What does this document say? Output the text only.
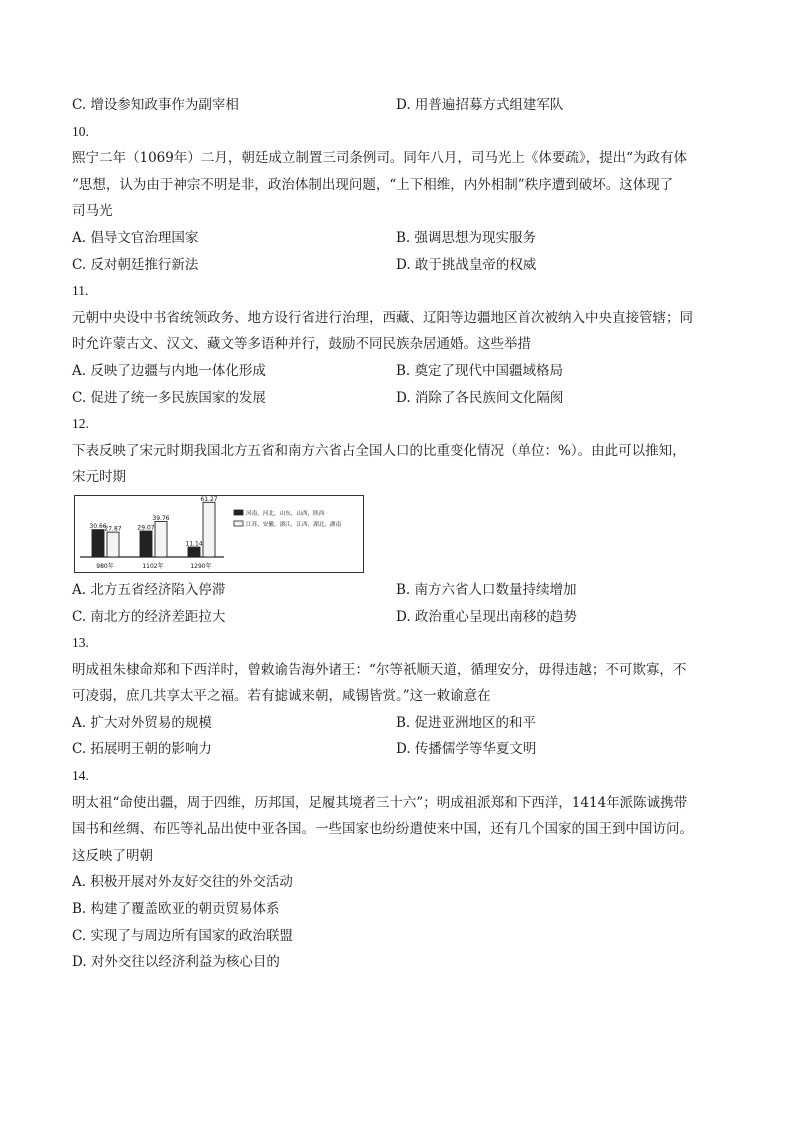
C. 增设参知政事作为副宰相	D. 用普遍招募方式组建军队
10.
熙宁二年（1069年）二月，朝廷成立制置三司条例司。同年八月，司马光上《体要疏》，提出“为政有体
”思想，认为由于神宗不明是非，政治体制出现问题，“上下相维，内外相制”秩序遭到破坏。这体现了
司马光
A. 倡导文官治理国家	B. 强调思想为现实服务
C. 反对朝廷推行新法	D. 敢于挑战皇帝的权威
11.
元朝中央设中书省统领政务、地方设行省进行治理，西藏、辽阳等边疆地区首次被纳入中央直接管辖；同
时允许蒙古文、汉文、藏文等多语种并行，鼓励不同民族杂居通婚。这些举措
A. 反映了边疆与内地一体化形成	B. 奠定了现代中国疆域格局
C. 促进了统一多民族国家的发展	D. 消除了各民族间文化隔阂
12.
下表反映了宋元时期我国北方五省和南方六省占全国人口的比重变化情况（单位：%）。由此可以推知，
宋元时期
30.66
27.87
980年
29.07
39.76
1102年
11.14
61.27
1290年
河南，河北，山东，山西，陕西
江苏，安徽，浙江，江西，湖北，湖南
A. 北方五省经济陷入停滞	B. 南方六省人口数量持续增加
C. 南北方的经济差距拉大	D. 政治重心呈现出南移的趋势
13.
明成祖朱棣命郑和下西洋时，曾敕谕告海外诸王：“尔等祇顺天道，循理安分，毋得违越；不可欺寡，不
可凌弱，庶几共享太平之福。若有摅诚来朝，咸锡皆赏。”这一敕谕意在
A. 扩大对外贸易的规模	B. 促进亚洲地区的和平
C. 拓展明王朝的影响力	D. 传播儒学等华夏文明
14.
明太祖“命使出疆，周于四维，历邦国，足履其境者三十六”；明成祖派郑和下西洋，1414年派陈诚携带
国书和丝绸、布匹等礼品出使中亚各国。一些国家也纷纷遣使来中国，还有几个国家的国王到中国访问。
这反映了明朝
A. 积极开展对外友好交往的外交活动
B. 构建了覆盖欧亚的朝贡贸易体系
C. 实现了与周边所有国家的政治联盟
D. 对外交往以经济利益为核心目的
